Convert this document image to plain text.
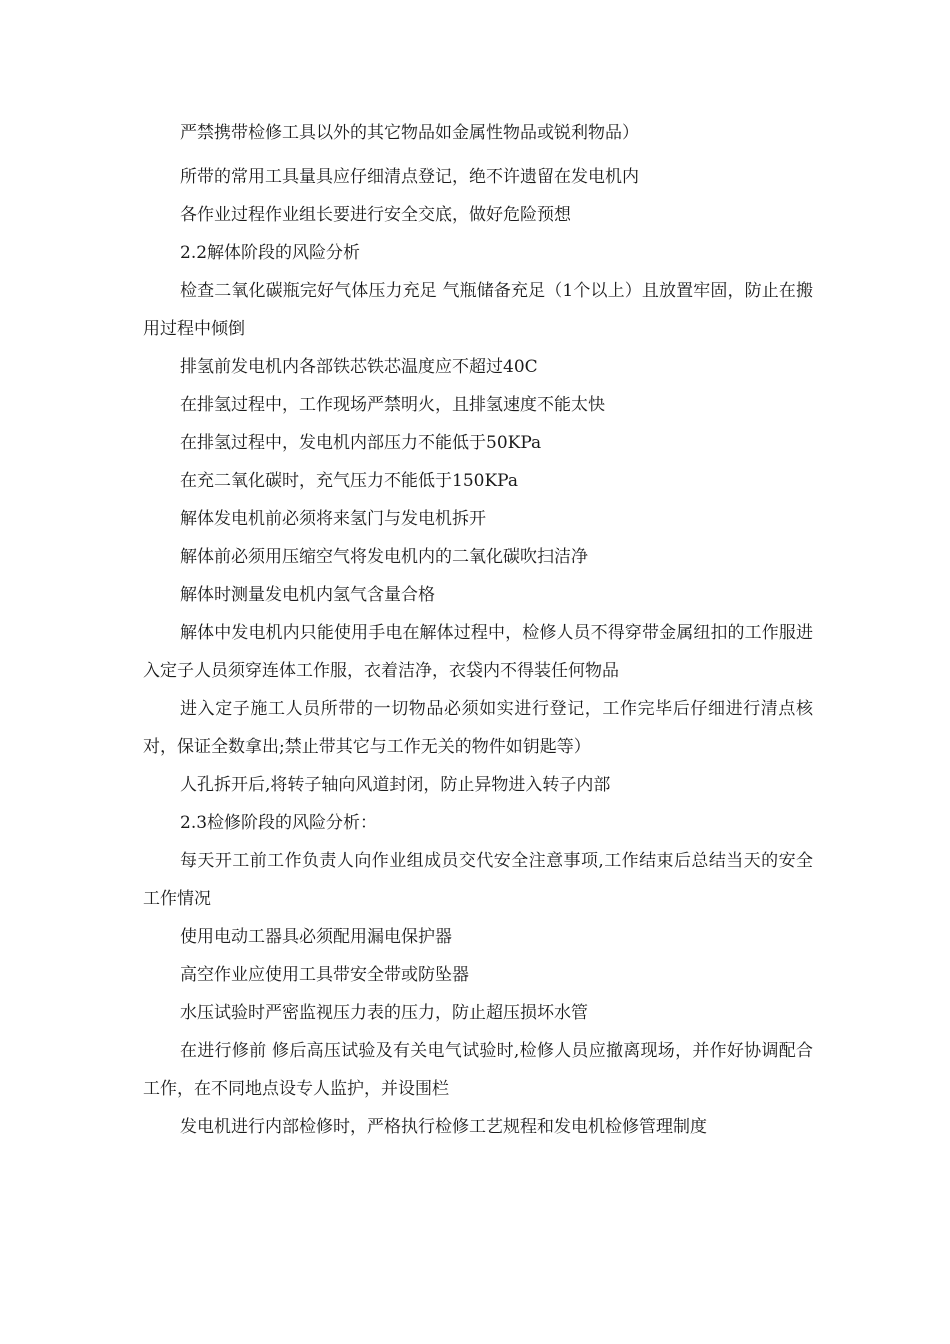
严禁携带检修工具以外的其它物品如金属性物品或锐利物品）

所带的常用工具量具应仔细清点登记，绝不许遗留在发电机内

各作业过程作业组长要进行安全交底，做好危险预想

2.2解体阶段的风险分析

检查二氧化碳瓶完好气体压力充足 气瓶储备充足（1个以上）且放置牢固，防止在搬用过程中倾倒

排氢前发电机内各部铁芯铁芯温度应不超过40C

在排氢过程中，工作现场严禁明火，且排氢速度不能太快

在排氢过程中，发电机内部压力不能低于50KPa

在充二氧化碳时，充气压力不能低于150KPa

解体发电机前必须将来氢门与发电机拆开

解体前必须用压缩空气将发电机内的二氧化碳吹扫洁净

解体时测量发电机内氢气含量合格

解体中发电机内只能使用手电在解体过程中，检修人员不得穿带金属纽扣的工作服进入定子人员须穿连体工作服，衣着洁净，衣袋内不得装任何物品

进入定子施工人员所带的一切物品必须如实进行登记，工作完毕后仔细进行清点核对，保证全数拿出;禁止带其它与工作无关的物件如钥匙等）

人孔拆开后,将转子轴向风道封闭，防止异物进入转子内部

2.3检修阶段的风险分析：

每天开工前工作负责人向作业组成员交代安全注意事项,工作结束后总结当天的安全工作情况

使用电动工器具必须配用漏电保护器

高空作业应使用工具带安全带或防坠器

水压试验时严密监视压力表的压力，防止超压损坏水管

在进行修前 修后高压试验及有关电气试验时,检修人员应撤离现场，并作好协调配合工作，在不同地点设专人监护，并设围栏

发电机进行内部检修时，严格执行检修工艺规程和发电机检修管理制度
